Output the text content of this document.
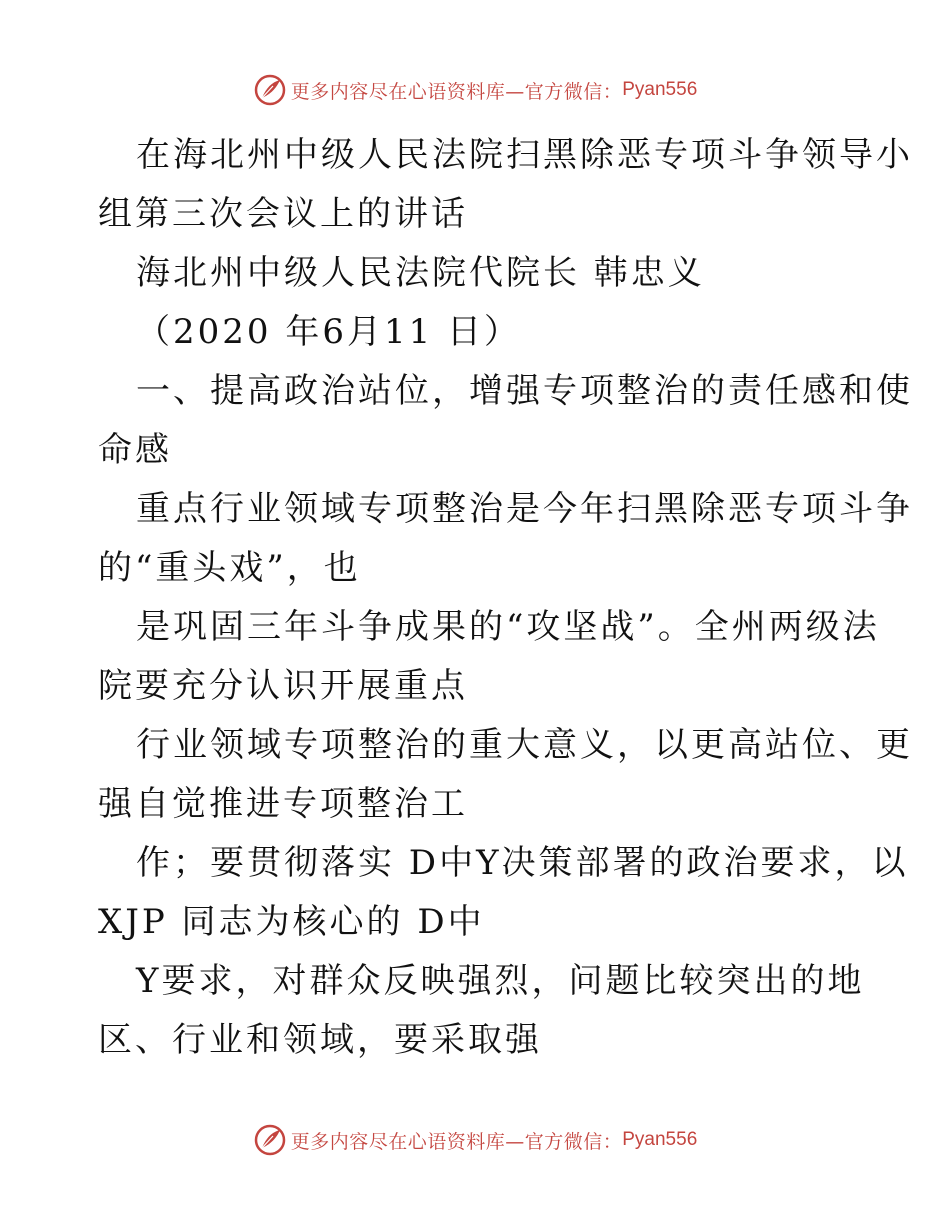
更多内容尽在心语资料库—官方微信： Pyan556
在海北州中级人民法院扫黑除恶专项斗争领导小
组第三次会议上的讲话
海北州中级人民法院代院长 韩忠义
（2020 年6月11 日）
一、提高政治站位，增强专项整治的责任感和使
命感
重点行业领域专项整治是今年扫黑除恶专项斗争
的“重头戏”，也
是巩固三年斗争成果的“攻坚战”。全州两级法
院要充分认识开展重点
行业领域专项整治的重大意义，以更高站位、更
强自觉推进专项整治工
作；要贯彻落实 D中Y决策部署的政治要求，以
XJP 同志为核心的 D中
Y要求，对群众反映强烈，问题比较突出的地
区、行业和领域，要采取强
更多内容尽在心语资料库—官方微信： Pyan556
